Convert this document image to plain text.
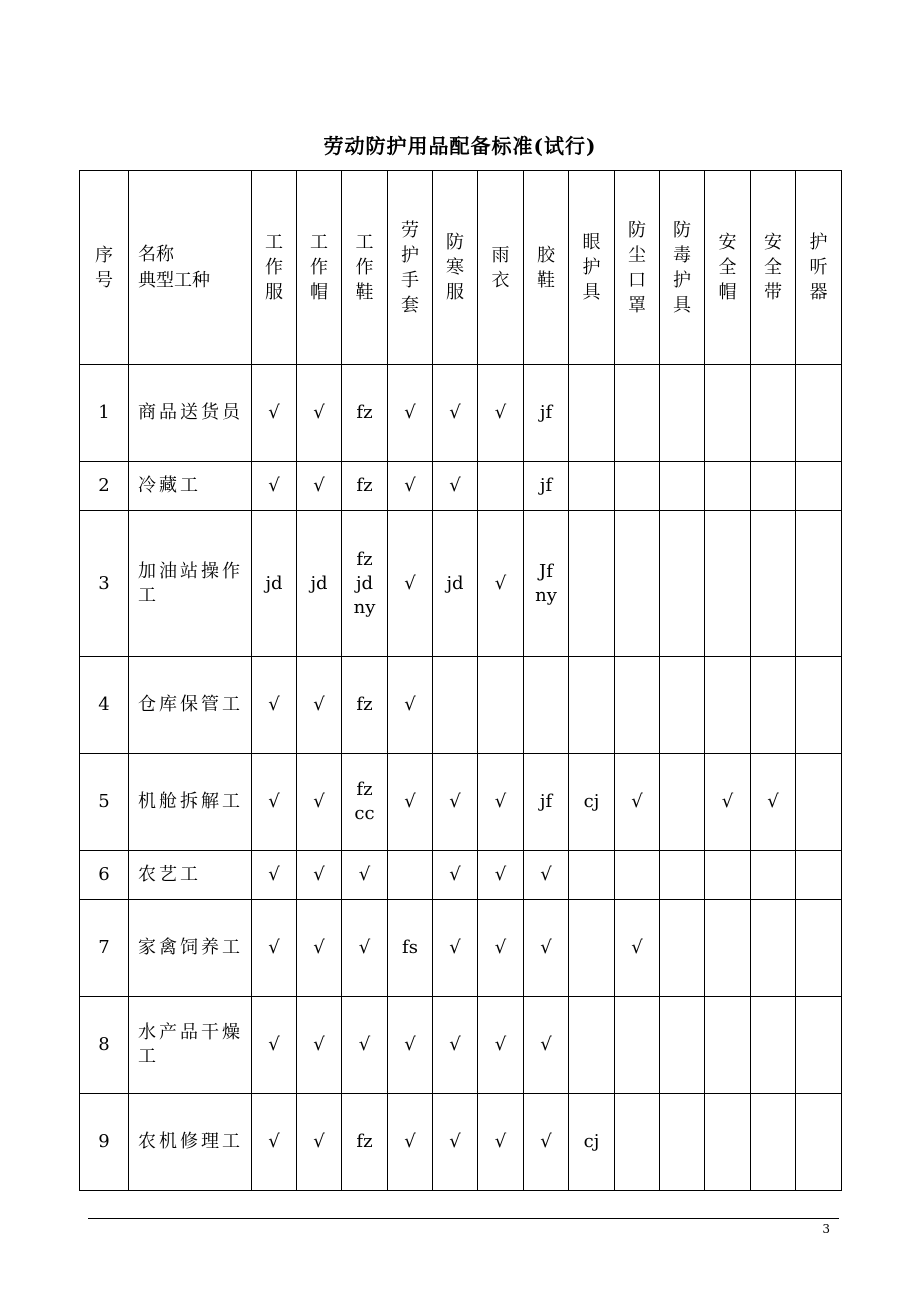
劳动防护用品配备标准(试行)
序
号	名称
典型工种	工
作
服	工
作
帽	工
作
鞋	劳
护
手
套	防
寒
服	雨
衣	胶
鞋	眼
护
具	防
尘
口
罩	防
毒
护
具	安
全
帽	安
全
带	护
听
器

1	商品送货员	√	√	fz	√	√	√	jf						
2	冷藏工	√	√	fz	√	√		jf						
3	加油站操作工	jd	jd	fz
jd
ny	√	jd	√	Jf
ny						

4	仓库保管工	√	√	fz	√									
5	机舱拆解工	√	√	fz
cc	√	√	√	jf	cj	√		√	√	
6	农艺工	√	√	√		√	√	√						
7	家禽饲养工	√	√	√	fs	√	√	√		√				
8	水产品干燥工	√	√	√	√	√	√	√						
9	农机修理工	√	√	fz	√	√	√	√	cj					
3
